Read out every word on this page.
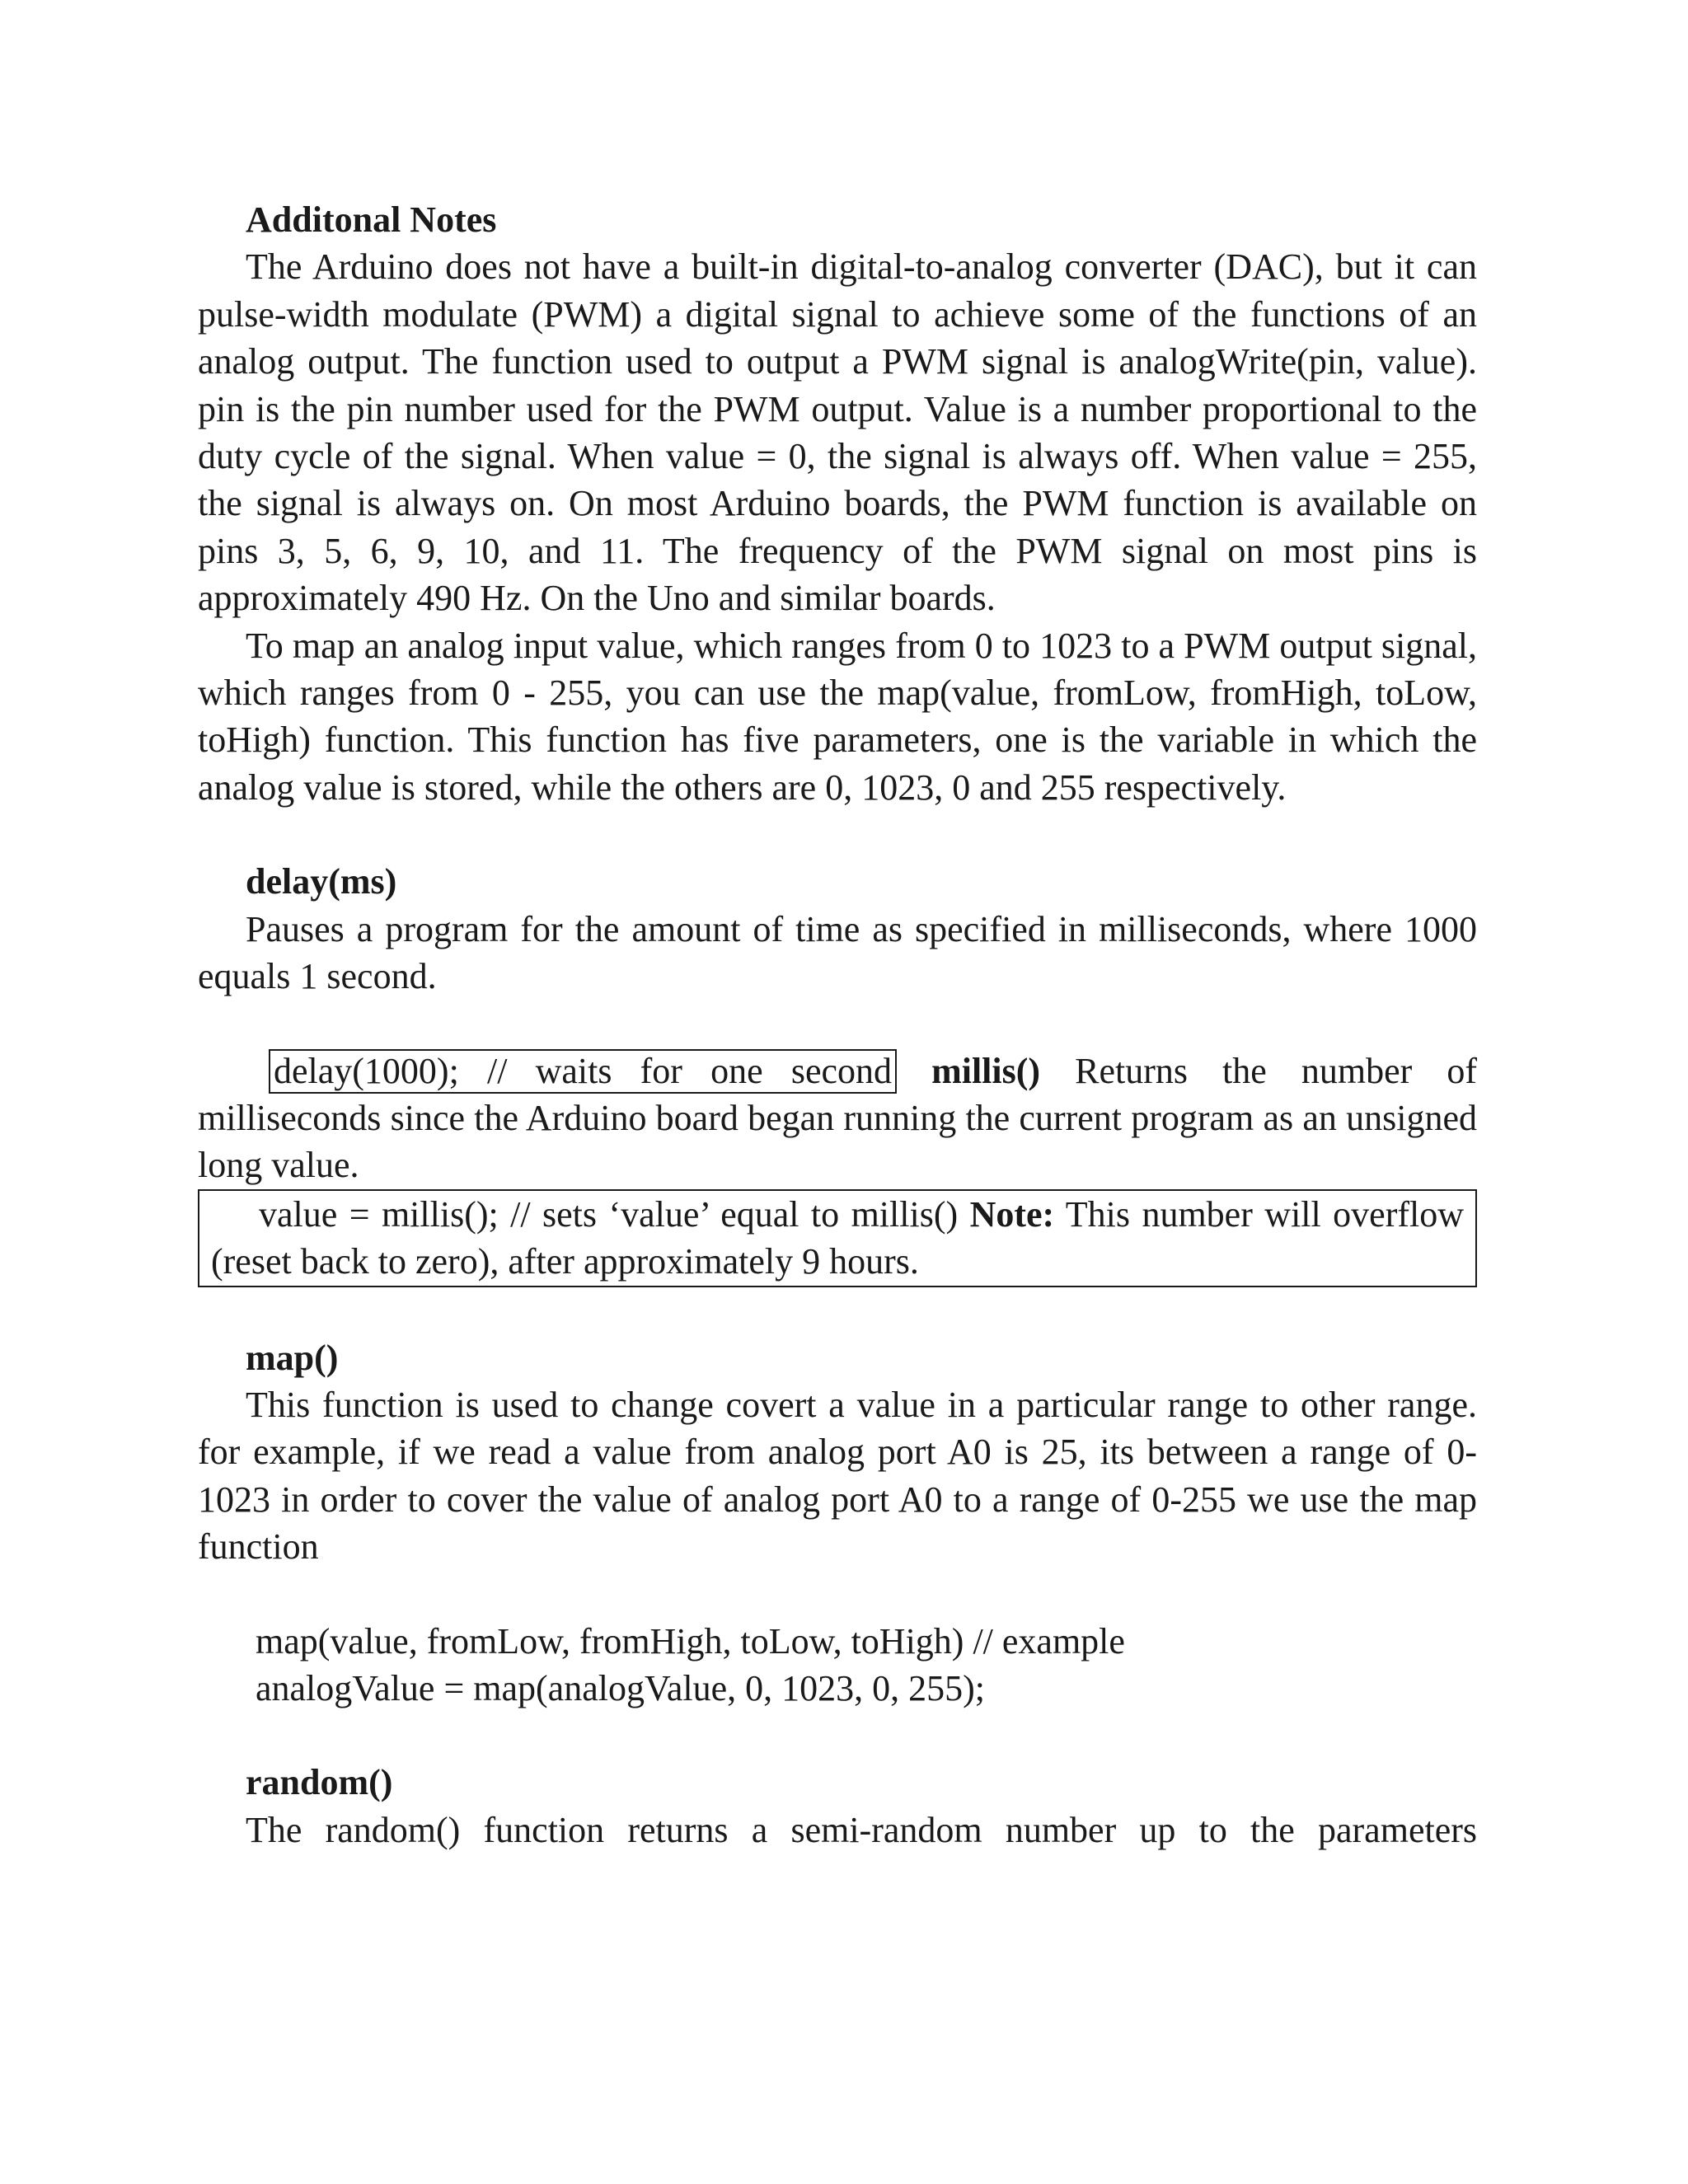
Additonal Notes

The Arduino does not have a built-in digital-to-analog converter (DAC), but it can pulse-width modulate (PWM) a digital signal to achieve some of the functions of an analog output. The function used to output a PWM signal is analogWrite(pin, value). pin is the pin number used for the PWM output. Value is a number proportional to the duty cycle of the signal. When value = 0, the signal is always off. When value = 255, the signal is always on. On most Arduino boards, the PWM function is available on pins 3, 5, 6, 9, 10, and 11. The frequency of the PWM signal on most pins is approximately 490 Hz. On the Uno and similar boards.

To map an analog input value, which ranges from 0 to 1023 to a PWM output signal, which ranges from 0 - 255, you can use the map(value, fromLow, fromHigh, toLow, toHigh) function. This function has five parameters, one is the variable in which the analog value is stored, while the others are 0, 1023, 0 and 255 respectively.

delay(ms)

Pauses a program for the amount of time as specified in milliseconds, where 1000 equals 1 second.

delay(1000); // waits for one second millis() Returns the number of milliseconds since the Arduino board began running the current program as an unsigned long value.

value = millis(); // sets ‘value’ equal to millis() Note: This number will overflow (reset back to zero), after approximately 9 hours.

map()

This function is used to change covert a value in a particular range to other range. for example, if we read a value from analog port A0 is 25, its between a range of 0-1023 in order to cover the value of analog port A0 to a range of 0-255 we use the map function

map(value, fromLow, fromHigh, toLow, toHigh) // example

analogValue = map(analogValue, 0, 1023, 0, 255);

random()

The random() function returns a semi-random number up to the parameters
